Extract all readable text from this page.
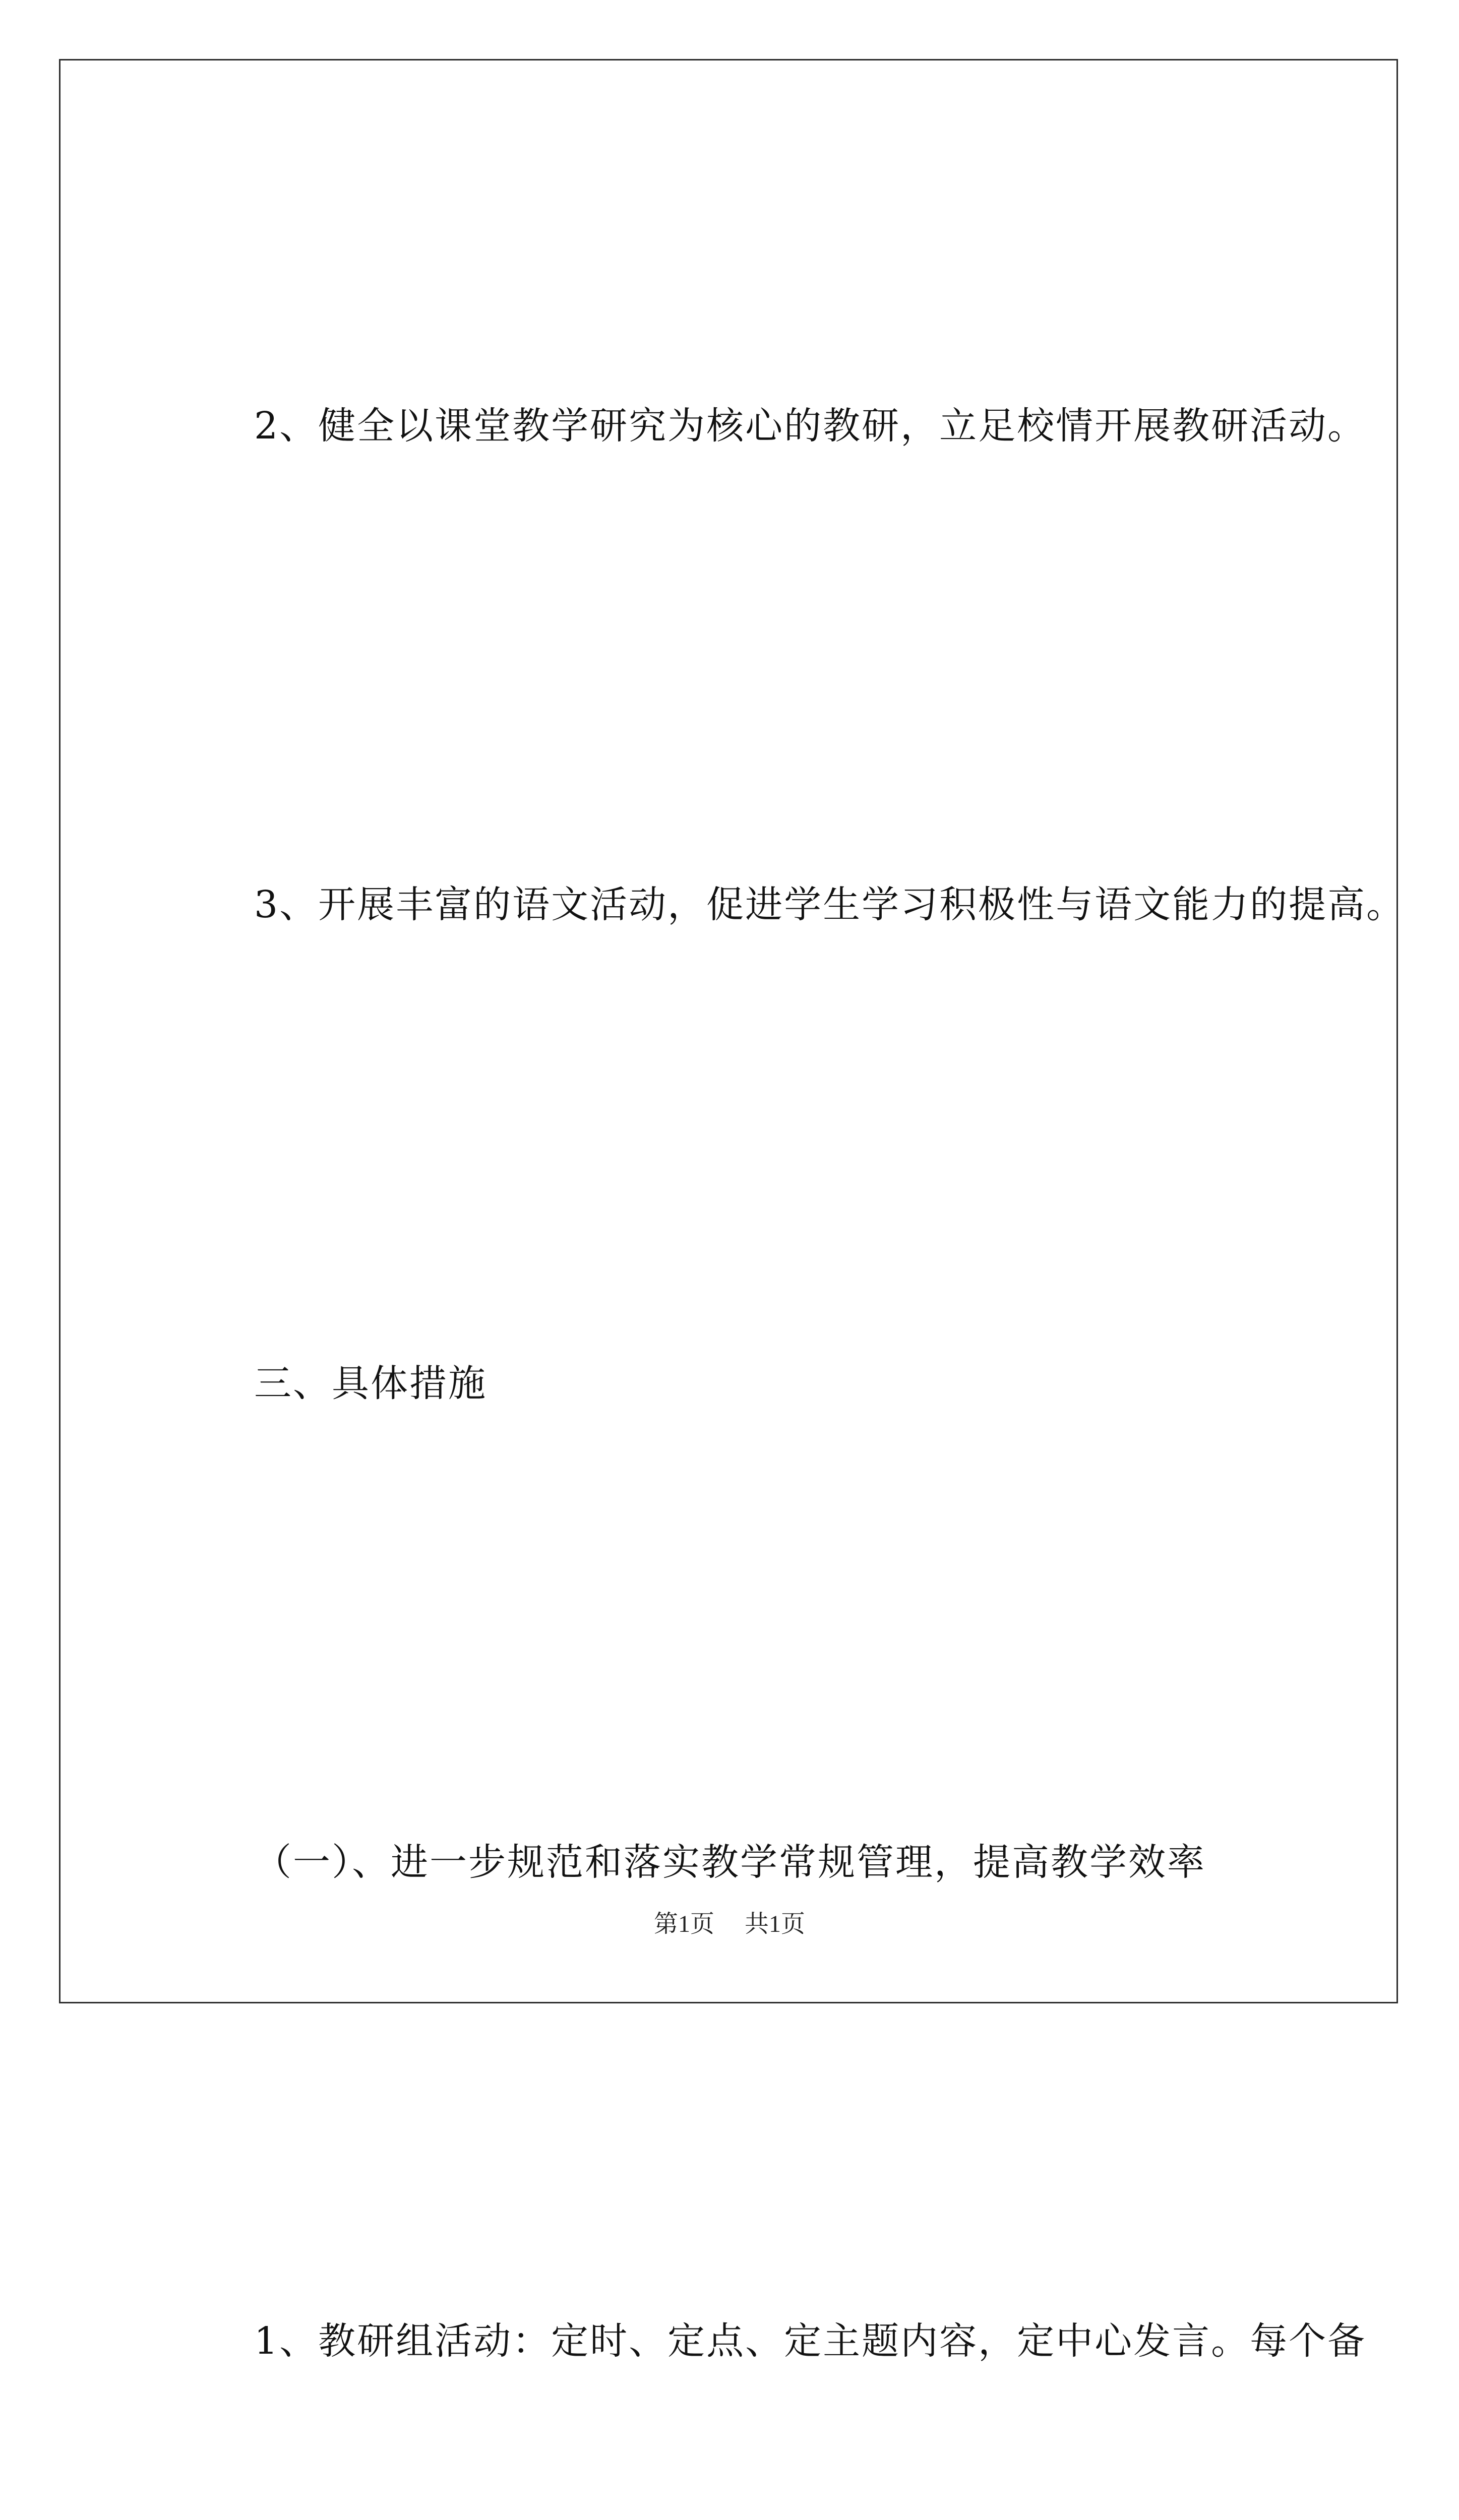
2、健全以课堂教学研究为核心的教研，立足校情开展教研活动。

3、开展丰富的语文活动，促进学生学习积极性与语文能力的提高。

三、具体措施

（一）、进一步规范和落实教学常规管理，提高教学效率

1、教研组活动：定时、定点、定主题内容，定中心发言。每个备

第1页 共1页
